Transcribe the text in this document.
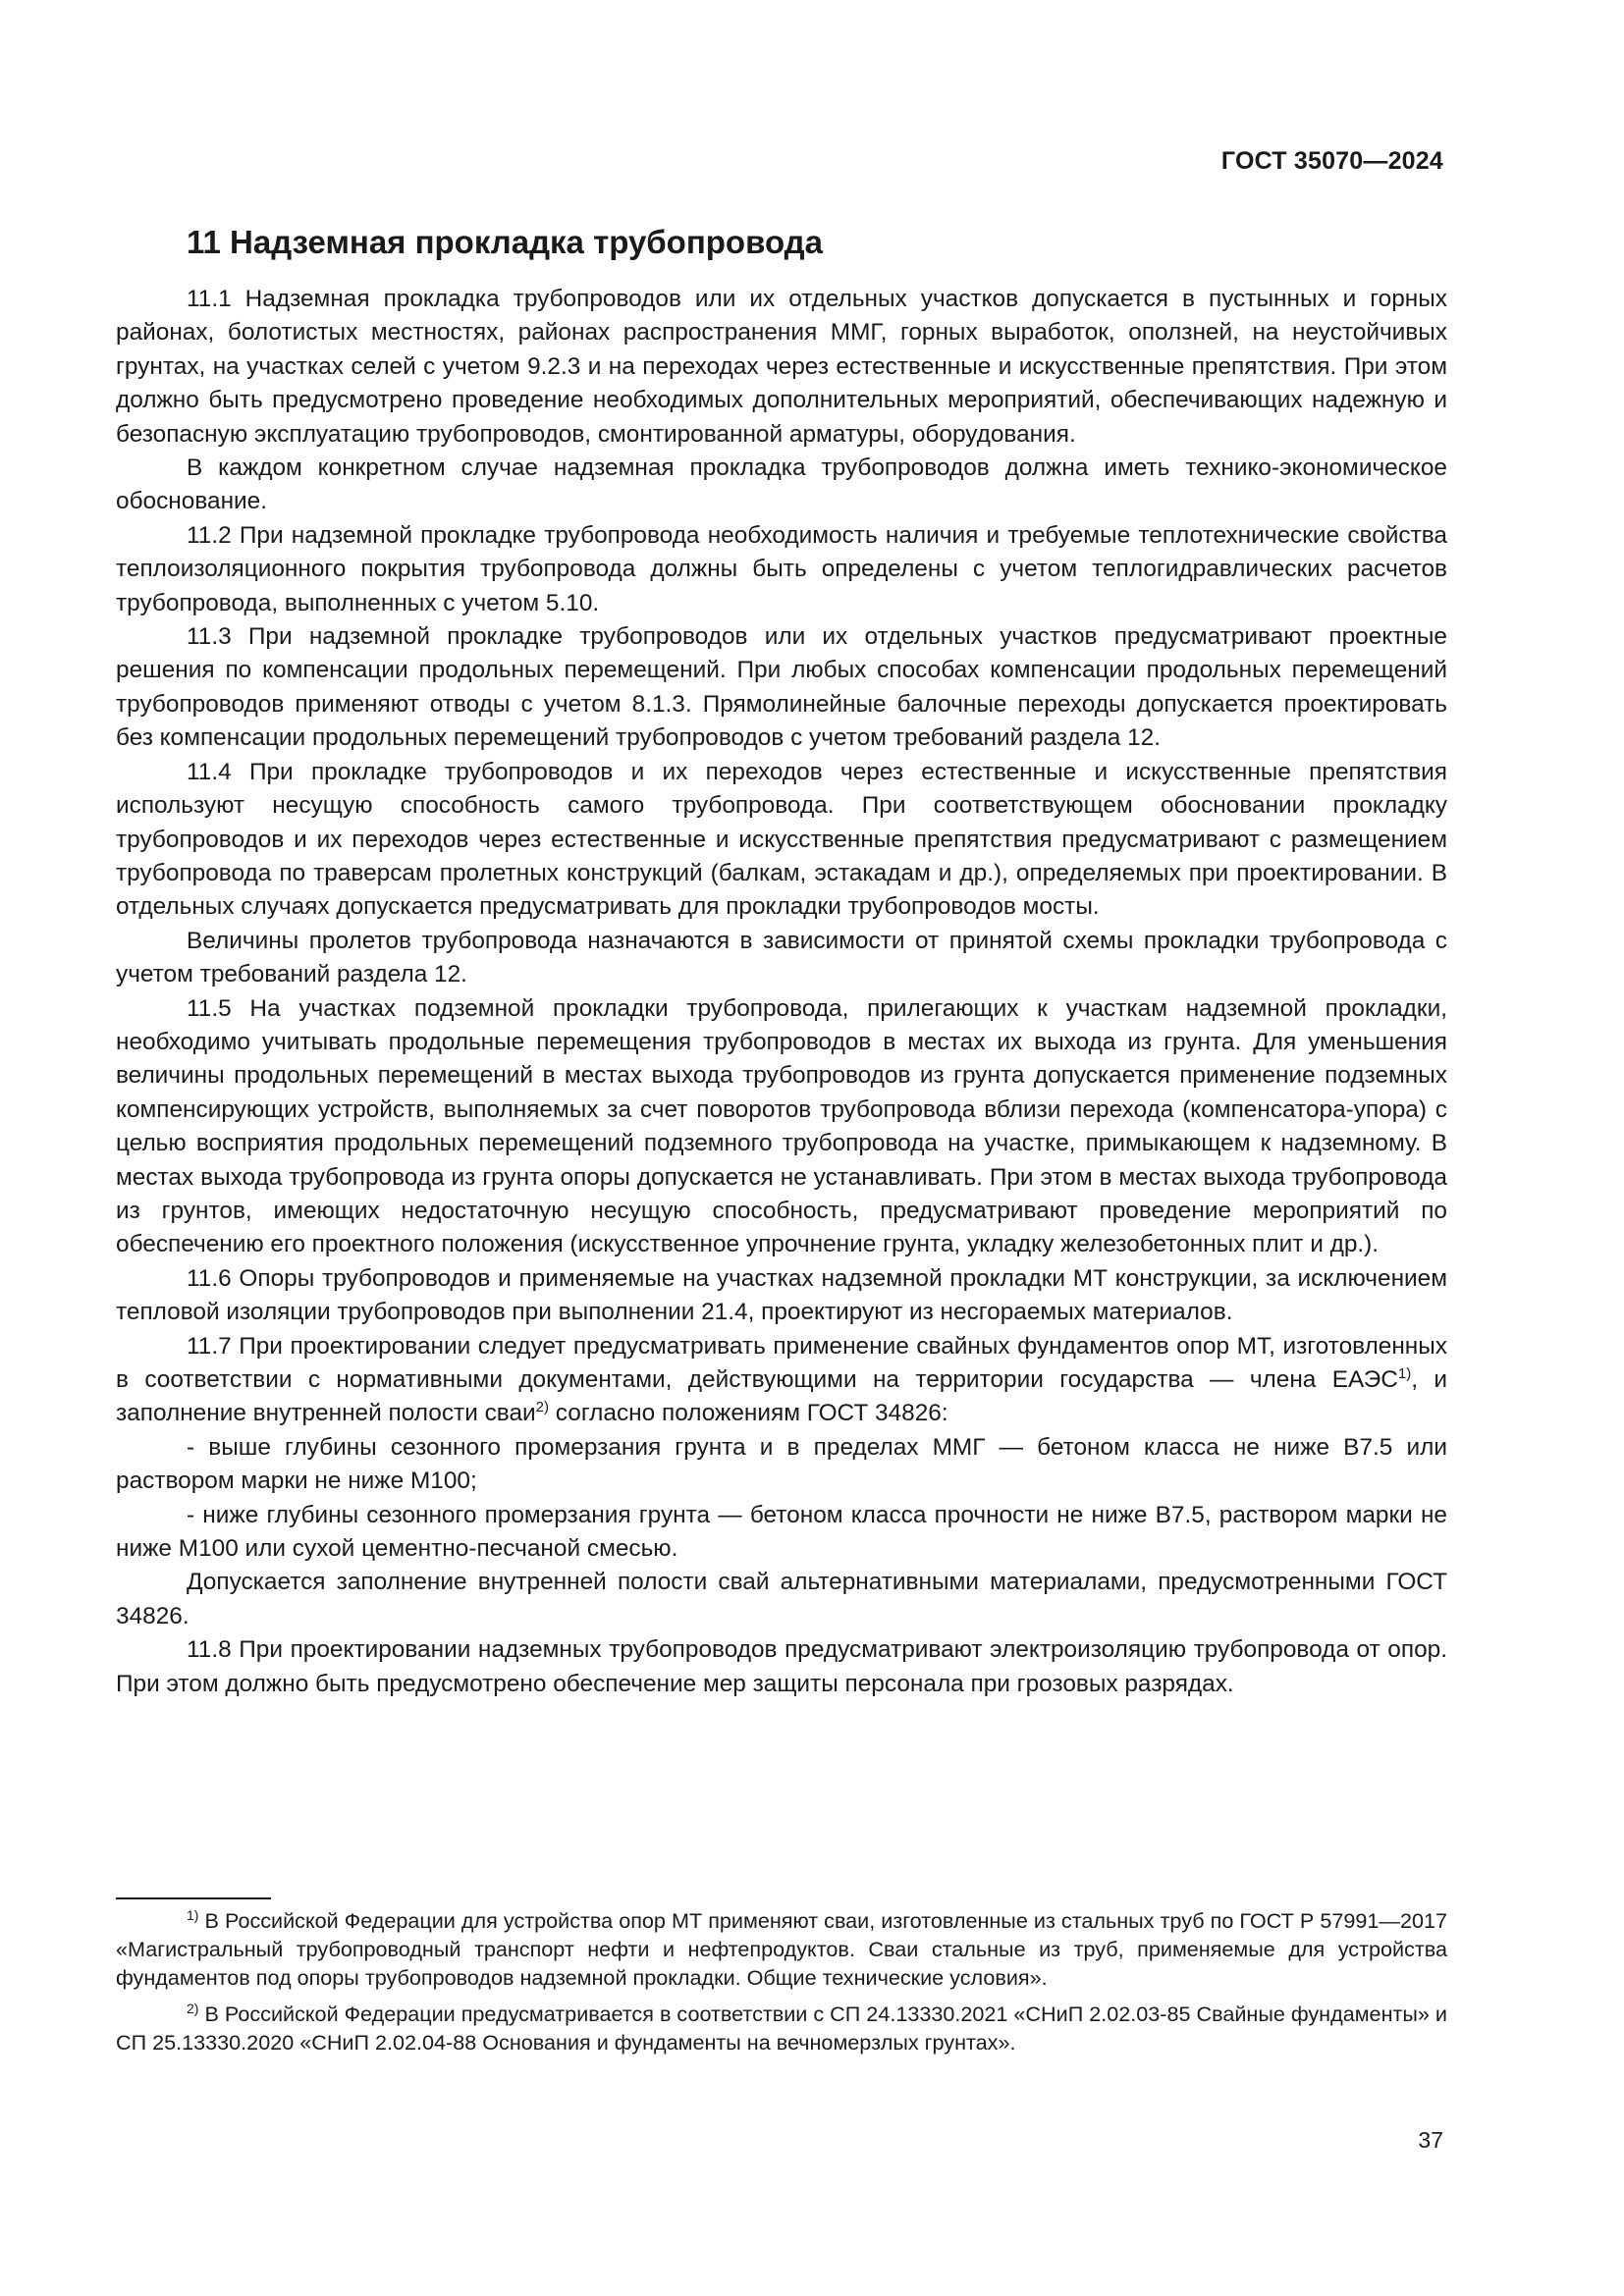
ГОСТ 35070—2024
11 Надземная прокладка трубопровода

11.1 Надземная прокладка трубопроводов или их отдельных участков допускается в пустынных и горных районах, болотистых местностях, районах распространения ММГ, горных выработок, оползней, на неустойчивых грунтах, на участках селей с учетом 9.2.3 и на переходах через естественные и искусственные препятствия. При этом должно быть предусмотрено проведение необходимых дополнительных мероприятий, обеспечивающих надежную и безопасную эксплуатацию трубопроводов, смонтированной арматуры, оборудования.

В каждом конкретном случае надземная прокладка трубопроводов должна иметь технико-экономическое обоснование.

11.2 При надземной прокладке трубопровода необходимость наличия и требуемые теплотехнические свойства теплоизоляционного покрытия трубопровода должны быть определены с учетом теплогидравлических расчетов трубопровода, выполненных с учетом 5.10.

11.3 При надземной прокладке трубопроводов или их отдельных участков предусматривают проектные решения по компенсации продольных перемещений. При любых способах компенсации продольных перемещений трубопроводов применяют отводы с учетом 8.1.3. Прямолинейные балочные переходы допускается проектировать без компенсации продольных перемещений трубопроводов с учетом требований раздела 12.

11.4 При прокладке трубопроводов и их переходов через естественные и искусственные препятствия используют несущую способность самого трубопровода. При соответствующем обосновании прокладку трубопроводов и их переходов через естественные и искусственные препятствия предусматривают с размещением трубопровода по траверсам пролетных конструкций (балкам, эстакадам и др.), определяемых при проектировании. В отдельных случаях допускается предусматривать для прокладки трубопроводов мосты.

Величины пролетов трубопровода назначаются в зависимости от принятой схемы прокладки трубопровода с учетом требований раздела 12.

11.5 На участках подземной прокладки трубопровода, прилегающих к участкам надземной прокладки, необходимо учитывать продольные перемещения трубопроводов в местах их выхода из грунта. Для уменьшения величины продольных перемещений в местах выхода трубопроводов из грунта допускается применение подземных компенсирующих устройств, выполняемых за счет поворотов трубопровода вблизи перехода (компенсатора-упора) с целью восприятия продольных перемещений подземного трубопровода на участке, примыкающем к надземному. В местах выхода трубопровода из грунта опоры допускается не устанавливать. При этом в местах выхода трубопровода из грунтов, имеющих недостаточную несущую способность, предусматривают проведение мероприятий по обеспечению его проектного положения (искусственное упрочнение грунта, укладку железобетонных плит и др.).

11.6 Опоры трубопроводов и применяемые на участках надземной прокладки МТ конструкции, за исключением тепловой изоляции трубопроводов при выполнении 21.4, проектируют из несгораемых материалов.

11.7 При проектировании следует предусматривать применение свайных фундаментов опор МТ, изготовленных в соответствии с нормативными документами, действующими на территории государства — члена ЕАЭС$^{1)}$, и заполнение внутренней полости сваи$^{2)}$ согласно положениям ГОСТ 34826:

- выше глубины сезонного промерзания грунта и в пределах ММГ — бетоном класса не ниже B7.5 или раствором марки не ниже М100;

- ниже глубины сезонного промерзания грунта — бетоном класса прочности не ниже B7.5, раствором марки не ниже М100 или сухой цементно-песчаной смесью.

Допускается заполнение внутренней полости свай альтернативными материалами, предусмотренными ГОСТ 34826.

11.8 При проектировании надземных трубопроводов предусматривают электроизоляцию трубопровода от опор. При этом должно быть предусмотрено обеспечение мер защиты персонала при грозовых разрядах.

$^{1)}$ В Российской Федерации для устройства опор МТ применяют сваи, изготовленные из стальных труб по ГОСТ Р 57991—2017 «Магистральный трубопроводный транспорт нефти и нефтепродуктов. Сваи стальные из труб, применяемые для устройства фундаментов под опоры трубопроводов надземной прокладки. Общие технические условия».

$^{2)}$ В Российской Федерации предусматривается в соответствии с СП 24.13330.2021 «СНиП 2.02.03-85 Свайные фундаменты» и СП 25.13330.2020 «СНиП 2.02.04-88 Основания и фундаменты на вечномерзлых грунтах».

37
